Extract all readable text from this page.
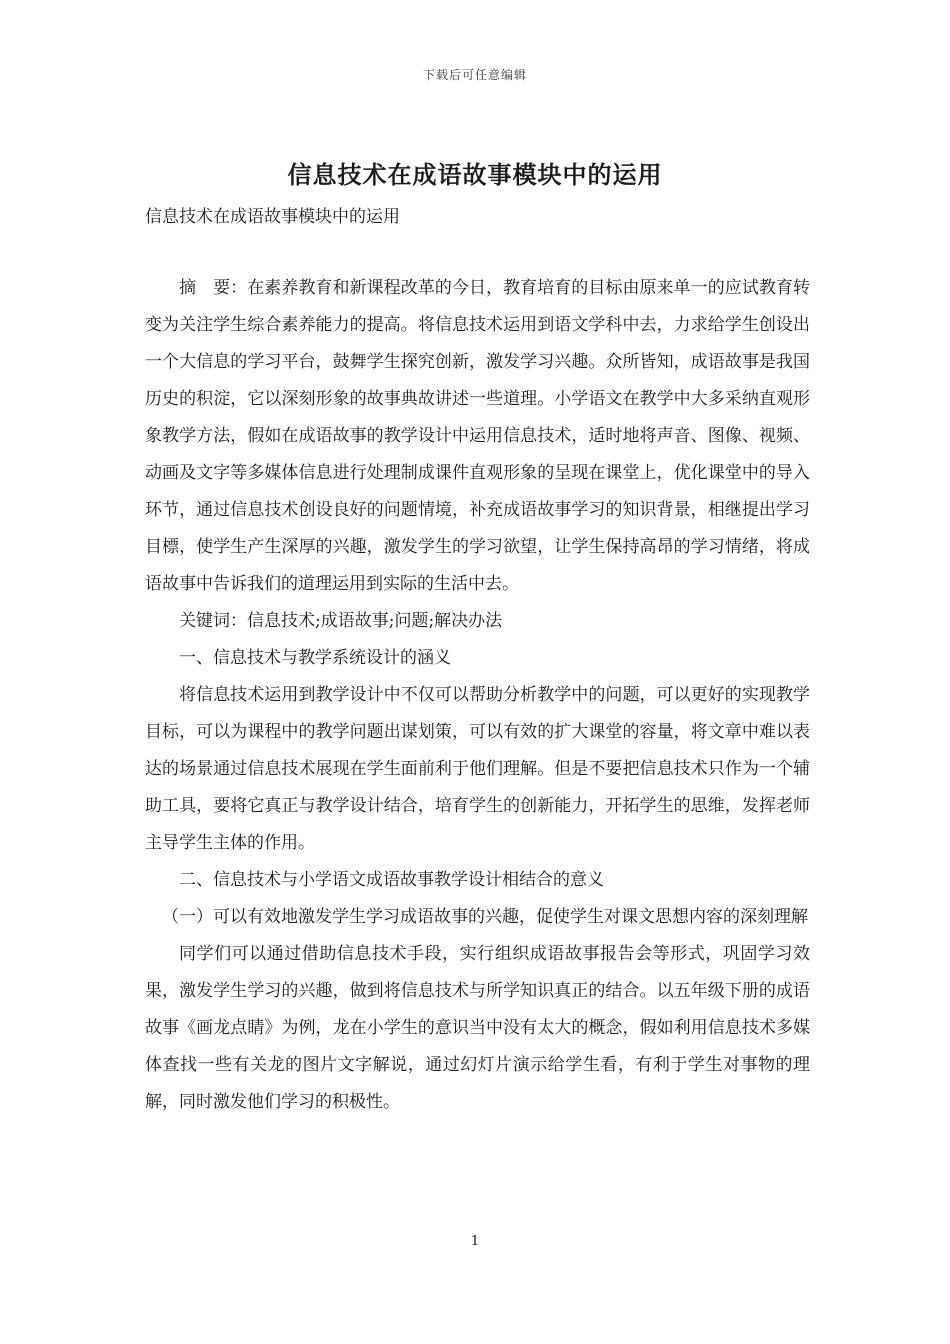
下载后可任意编辑
信息技术在成语故事模块中的运用
信息技术在成语故事模块中的运用

摘　要：在素养教育和新课程改革的今日，教育培育的目标由原来单一的应试教育转变为关注学生综合素养能力的提高。将信息技术运用到语文学科中去，力求给学生创设出一个大信息的学习平台，鼓舞学生探究创新，激发学习兴趣。众所皆知，成语故事是我国历史的积淀，它以深刻形象的故事典故讲述一些道理。小学语文在教学中大多采纳直观形象教学方法，假如在成语故事的教学设计中运用信息技术，适时地将声音、图像、视频、动画及文字等多媒体信息进行处理制成课件直观形象的呈现在课堂上，优化课堂中的导入环节，通过信息技术创设良好的问题情境，补充成语故事学习的知识背景，相继提出学习目標，使学生产生深厚的兴趣，激发学生的学习欲望，让学生保持高昂的学习情绪，将成语故事中告诉我们的道理运用到实际的生活中去。

关键词：信息技术;成语故事;问题;解决办法

一、信息技术与教学系统设计的涵义

将信息技术运用到教学设计中不仅可以帮助分析教学中的问题，可以更好的实现教学目标，可以为课程中的教学问题出谋划策，可以有效的扩大课堂的容量，将文章中难以表达的场景通过信息技术展现在学生面前利于他们理解。但是不要把信息技术只作为一个辅助工具，要将它真正与教学设计结合，培育学生的创新能力，开拓学生的思维，发挥老师主导学生主体的作用。

二、信息技术与小学语文成语故事教学设计相结合的意义

（一）可以有效地激发学生学习成语故事的兴趣，促使学生对课文思想内容的深刻理解

同学们可以通过借助信息技术手段，实行组织成语故事报告会等形式，巩固学习效果，激发学生学习的兴趣，做到将信息技术与所学知识真正的结合。以五年级下册的成语故事《画龙点睛》为例，龙在小学生的意识当中没有太大的概念，假如利用信息技术多媒体查找一些有关龙的图片文字解说，通过幻灯片演示给学生看，有利于学生对事物的理解，同时激发他们学习的积极性。

1
